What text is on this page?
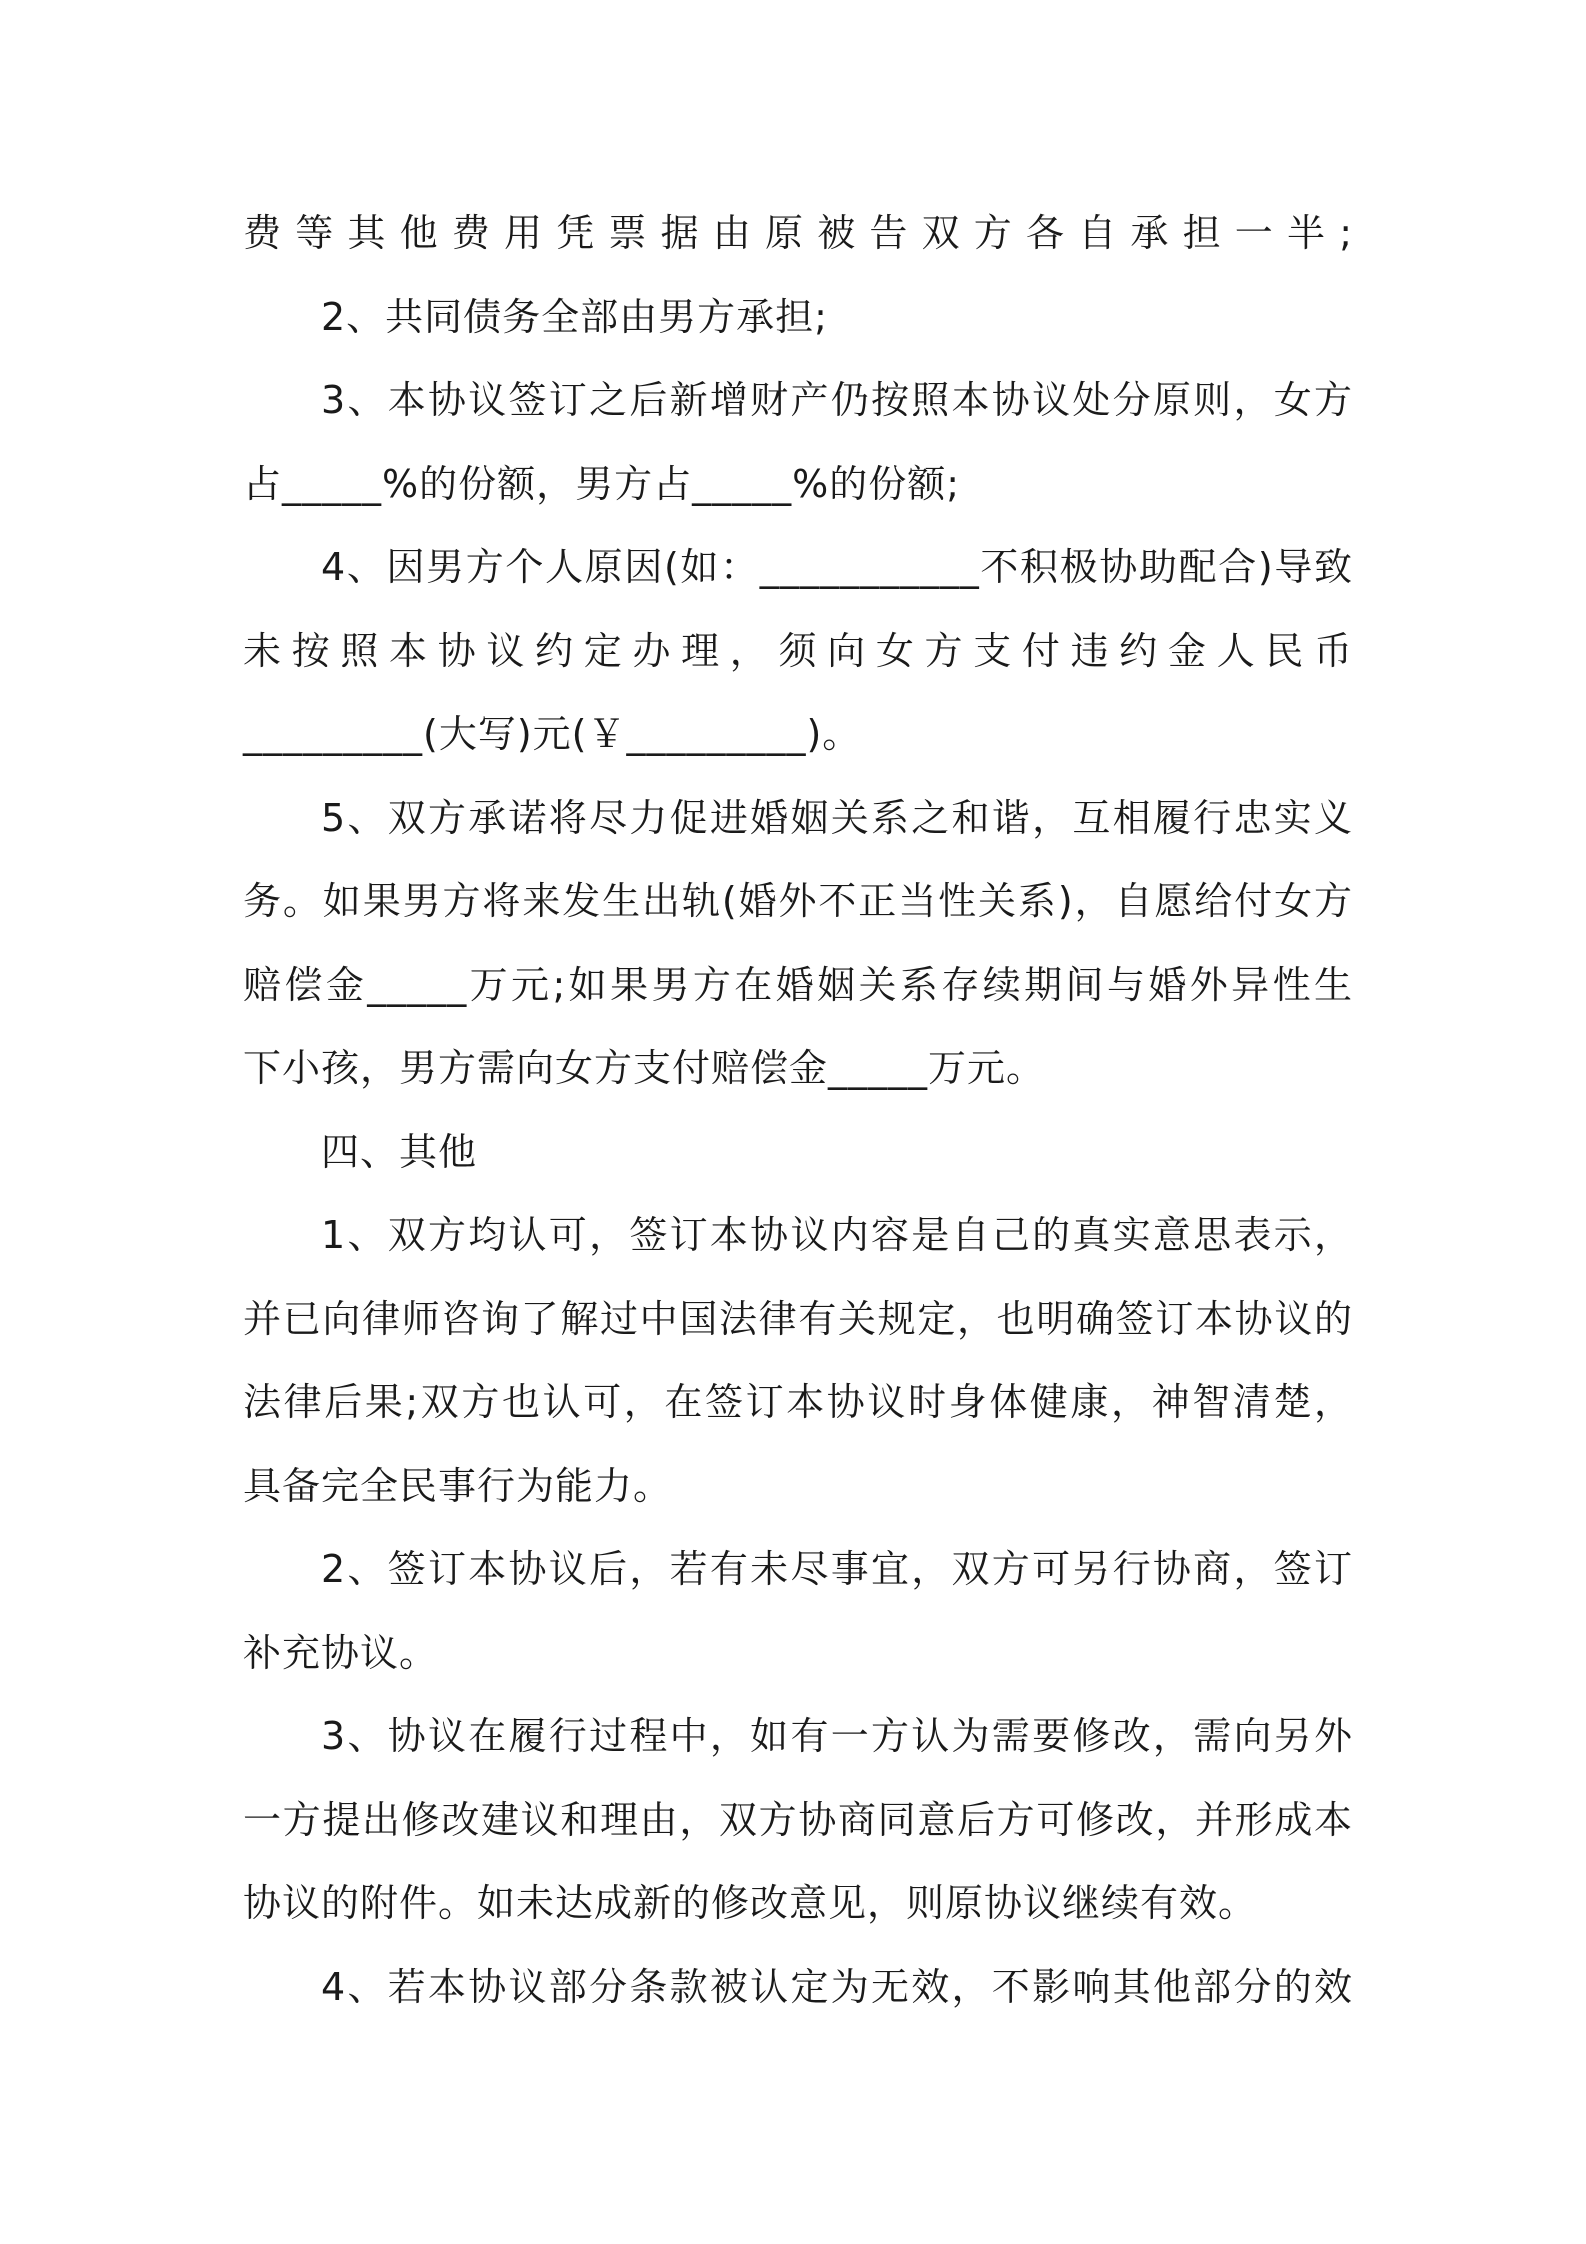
费等其他费用凭票据由原被告双方各自承担一半;

2、共同债务全部由男方承担;

3、本协议签订之后新增财产仍按照本协议处分原则，女方

占_____%的份额，男方占_____%的份额;

4、因男方个人原因(如：___________不积极协助配合)导致

未按照本协议约定办理，须向女方支付违约金人民币

_________(大写)元(￥_________)。

5、双方承诺将尽力促进婚姻关系之和谐，互相履行忠实义

务。如果男方将来发生出轨(婚外不正当性关系)，自愿给付女方

赔偿金_____万元;如果男方在婚姻关系存续期间与婚外异性生

下小孩，男方需向女方支付赔偿金_____万元。

四、其他

1、双方均认可，签订本协议内容是自己的真实意思表示，

并已向律师咨询了解过中国法律有关规定，也明确签订本协议的

法律后果;双方也认可，在签订本协议时身体健康，神智清楚，

具备完全民事行为能力。

2、签订本协议后，若有未尽事宜，双方可另行协商，签订

补充协议。

3、协议在履行过程中，如有一方认为需要修改，需向另外

一方提出修改建议和理由，双方协商同意后方可修改，并形成本

协议的附件。如未达成新的修改意见，则原协议继续有效。

4、若本协议部分条款被认定为无效，不影响其他部分的效
